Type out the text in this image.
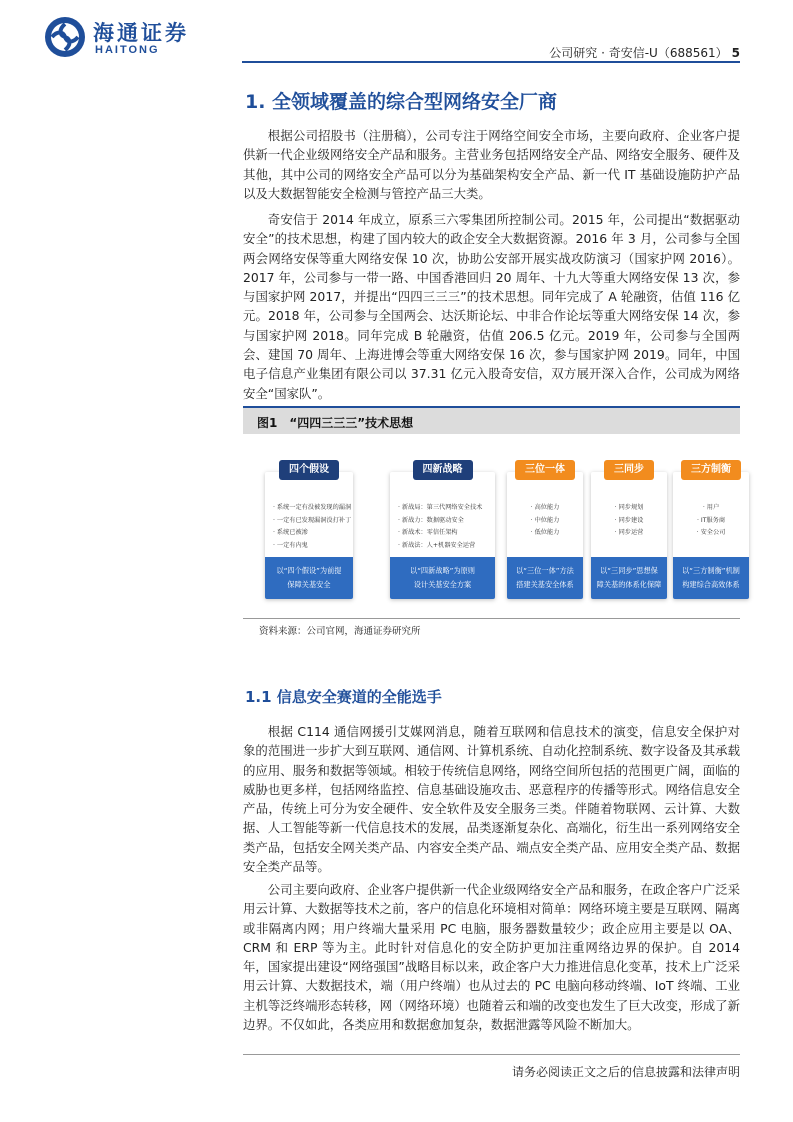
海通证券
HAITONG	公司研究 · 奇安信-U（688561） 5
1. 全领域覆盖的综合型网络安全厂商

根据公司招股书（注册稿），公司专注于网络空间安全市场，主要向政府、企业客户提供新一代企业级网络安全产品和服务。主营业务包括网络安全产品、网络安全服务、硬件及其他，其中公司的网络安全产品可以分为基础架构安全产品、新一代 IT 基础设施防护产品以及大数据智能安全检测与管控产品三大类。

奇安信于 2014 年成立，原系三六零集团所控制公司。2015 年，公司提出“数据驱动安全”的技术思想，构建了国内较大的政企安全大数据资源。2016 年 3 月，公司参与全国两会网络安保等重大网络安保 10 次，协助公安部开展实战攻防演习（国家护网 2016）。2017 年，公司参与一带一路、中国香港回归 20 周年、十九大等重大网络安保 13 次，参与国家护网 2017，并提出“四四三三三”的技术思想。同年完成了 A 轮融资，估值 116 亿元。2018 年，公司参与全国两会、达沃斯论坛、中非合作论坛等重大网络安保 14 次，参与国家护网 2018。同年完成 B 轮融资，估值 206.5 亿元。2019 年，公司参与全国两会、建国 70 周年、上海进博会等重大网络安保 16 次，参与国家护网 2019。同年，中国电子信息产业集团有限公司以 37.31 亿元入股奇安信，双方展开深入合作，公司成为网络安全“国家队”。

图1　“四四三三三”技术思想
· 系统一定有没被发现的漏洞
· 一定有已发现漏洞没打补丁
· 系统已被渗
· 一定有内鬼
以“四个假设”为前提
保障关基安全
四个假设
· 新战局：第三代网络安全技术
· 新战力：数据驱动安全
· 新战术：零信任架构
· 新战法：人+机器安全运营
以“四新战略”为原则
设计关基安全方案
四新战略
· 高位能力
· 中位能力
· 低位能力
以“三位一体”方法
搭建关基安全体系
三位一体
· 同步规划
· 同步建设
· 同步运营
以“三同步”思想保
障关基的体系化保障
三同步
· 用户
· IT服务商
· 安全公司
以“三方制衡”机制
构建综合高效体系
三方制衡
资料来源：公司官网，海通证券研究所
1.1 信息安全赛道的全能选手

根据 C114 通信网援引艾媒网消息，随着互联网和信息技术的演变，信息安全保护对象的范围进一步扩大到互联网、通信网、计算机系统、自动化控制系统、数字设备及其承载的应用、服务和数据等领域。相较于传统信息网络，网络空间所包括的范围更广阔，面临的威胁也更多样，包括网络监控、信息基础设施攻击、恶意程序的传播等形式。网络信息安全产品，传统上可分为安全硬件、安全软件及安全服务三类。伴随着物联网、云计算、大数据、人工智能等新一代信息技术的发展，品类逐渐复杂化、高端化，衍生出一系列网络安全类产品，包括安全网关类产品、内容安全类产品、端点安全类产品、应用安全类产品、数据安全类产品等。

公司主要向政府、企业客户提供新一代企业级网络安全产品和服务，在政企客户广泛采用云计算、大数据等技术之前，客户的信息化环境相对简单：网络环境主要是互联网、隔离或非隔离内网；用户终端大量采用 PC 电脑，服务器数量较少；政企应用主要是以 OA、CRM 和 ERP 等为主。此时针对信息化的安全防护更加注重网络边界的保护。自 2014 年，国家提出建设“网络强国”战略目标以来，政企客户大力推进信息化变革，技术上广泛采用云计算、大数据技术，端（用户终端）也从过去的 PC 电脑向移动终端、IoT 终端、工业主机等泛终端形态转移，网（网络环境）也随着云和端的改变也发生了巨大改变，形成了新边界。不仅如此，各类应用和数据愈加复杂，数据泄露等风险不断加大。

请务必阅读正文之后的信息披露和法律声明
